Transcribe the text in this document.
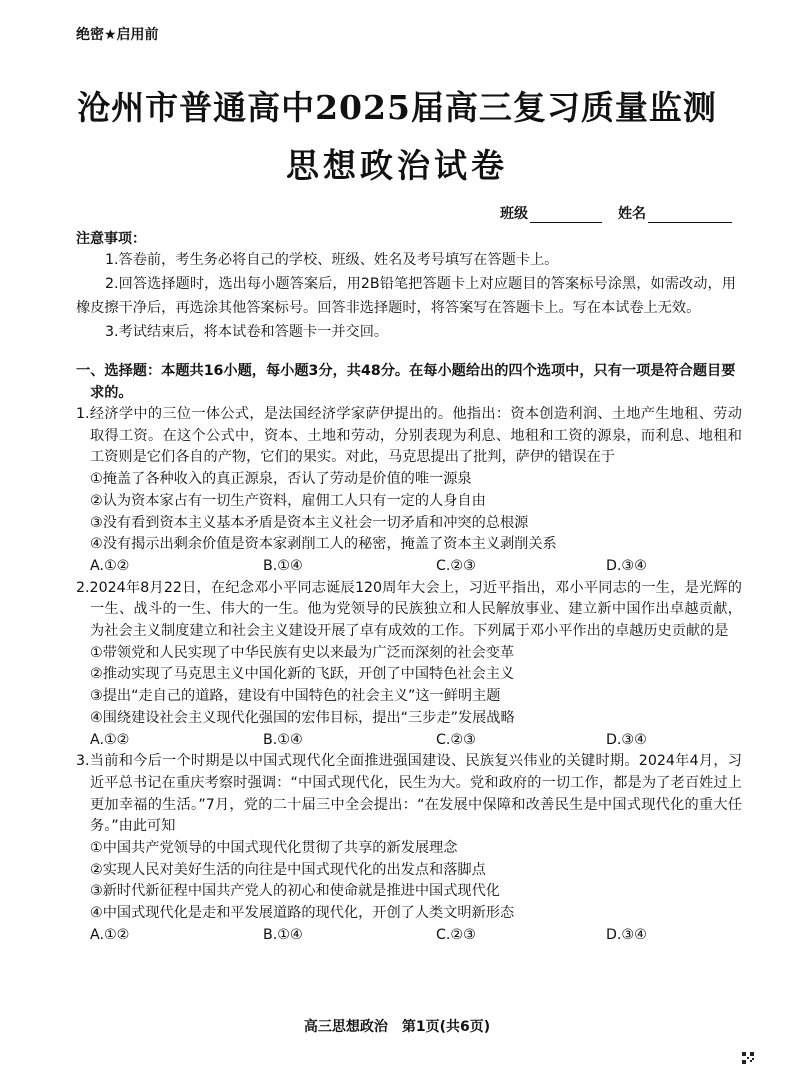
绝密★启用前
沧州市普通高中2025届高三复习质量监测
思想政治试卷
班级	姓名
注意事项：

1.答卷前，考生务必将自己的学校、班级、姓名及考号填写在答题卡上。

2.回答选择题时，选出每小题答案后，用2B铅笔把答题卡上对应题目的答案标号涂黑，如需改动，用橡皮擦干净后，再选涂其他答案标号。回答非选择题时，将答案写在答题卡上。写在本试卷上无效。

3.考试结束后，将本试卷和答题卡一并交回。

一、选择题：本题共16小题，每小题3分，共48分。在每小题给出的四个选项中，只有一项是符合题目要求的。

1.经济学中的三位一体公式，是法国经济学家萨伊提出的。他指出：资本创造利润、土地产生地租、劳动取得工资。在这个公式中，资本、土地和劳动，分别表现为利息、地租和工资的源泉，而利息、地租和工资则是它们各自的产物，它们的果实。对此，马克思提出了批判，萨伊的错误在于

①掩盖了各种收入的真正源泉，否认了劳动是价值的唯一源泉

②认为资本家占有一切生产资料，雇佣工人只有一定的人身自由

③没有看到资本主义基本矛盾是资本主义社会一切矛盾和冲突的总根源

④没有揭示出剩余价值是资本家剥削工人的秘密，掩盖了资本主义剥削关系

A.①②	B.①④	C.②③	D.③④

2.2024年8月22日，在纪念邓小平同志诞辰120周年大会上，习近平指出，邓小平同志的一生，是光辉的一生、战斗的一生、伟大的一生。他为党领导的民族独立和人民解放事业、建立新中国作出卓越贡献，为社会主义制度建立和社会主义建设开展了卓有成效的工作。下列属于邓小平作出的卓越历史贡献的是

①带领党和人民实现了中华民族有史以来最为广泛而深刻的社会变革

②推动实现了马克思主义中国化新的飞跃，开创了中国特色社会主义

③提出“走自己的道路，建设有中国特色的社会主义”这一鲜明主题

④围绕建设社会主义现代化强国的宏伟目标，提出“三步走”发展战略

A.①②	B.①④	C.②③	D.③④

3.当前和今后一个时期是以中国式现代化全面推进强国建设、民族复兴伟业的关键时期。2024年4月，习近平总书记在重庆考察时强调：“中国式现代化，民生为大。党和政府的一切工作，都是为了老百姓过上更加幸福的生活。”7月，党的二十届三中全会提出：“在发展中保障和改善民生是中国式现代化的重大任务。”由此可知

①中国共产党领导的中国式现代化贯彻了共享的新发展理念

②实现人民对美好生活的向往是中国式现代化的出发点和落脚点

③新时代新征程中国共产党人的初心和使命就是推进中国式现代化

④中国式现代化是走和平发展道路的现代化，开创了人类文明新形态

A.①②	B.①④	C.②③	D.③④
高三思想政治　第1页(共6页)
